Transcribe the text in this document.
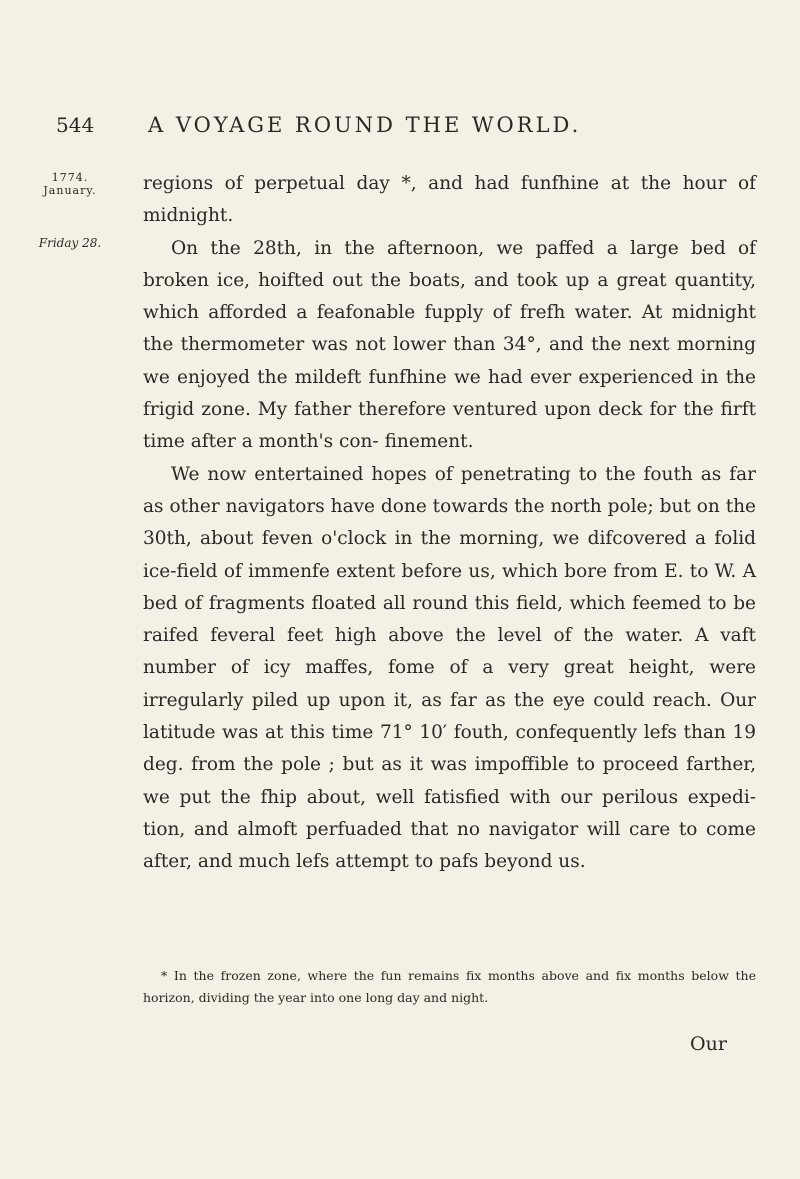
544	A VOYAGE ROUND THE WORLD.
1774.
January.
Friday 28.

regions of perpetual day *, and had funfhine at the hour of midnight.

On the 28th, in the afternoon, we paffed a large bed of broken ice, hoifted out the boats, and took up a great quantity, which afforded a feafonable fupply of frefh water. At midnight the thermometer was not lower than 34°, and the next morning we enjoyed the mildeft funfhine we had ever experienced in the frigid zone. My father therefore ventured upon deck for the firft time after a month's con- finement.

We now entertained hopes of penetrating to the fouth as far as other navigators have done towards the north pole; but on the 30th, about feven o'clock in the morning, we difcovered a folid ice-field of immenfe extent before us, which bore from E. to W. A bed of fragments floated all round this field, which feemed to be raifed feveral feet high above the level of the water. A vaft number of icy maffes, fome of a very great height, were irregularly piled up upon it, as far as the eye could reach. Our latitude was at this time 71° 10′ fouth, confequently lefs than 19 deg. from the pole ; but as it was impoffible to proceed farther, we put the fhip about, well fatisfied with our perilous expedi- tion, and almoft perfuaded that no navigator will care to come after, and much lefs attempt to pafs beyond us.

* In the frozen zone, where the fun remains fix months above and fix months below the horizon, dividing the year into one long day and night.
Our
